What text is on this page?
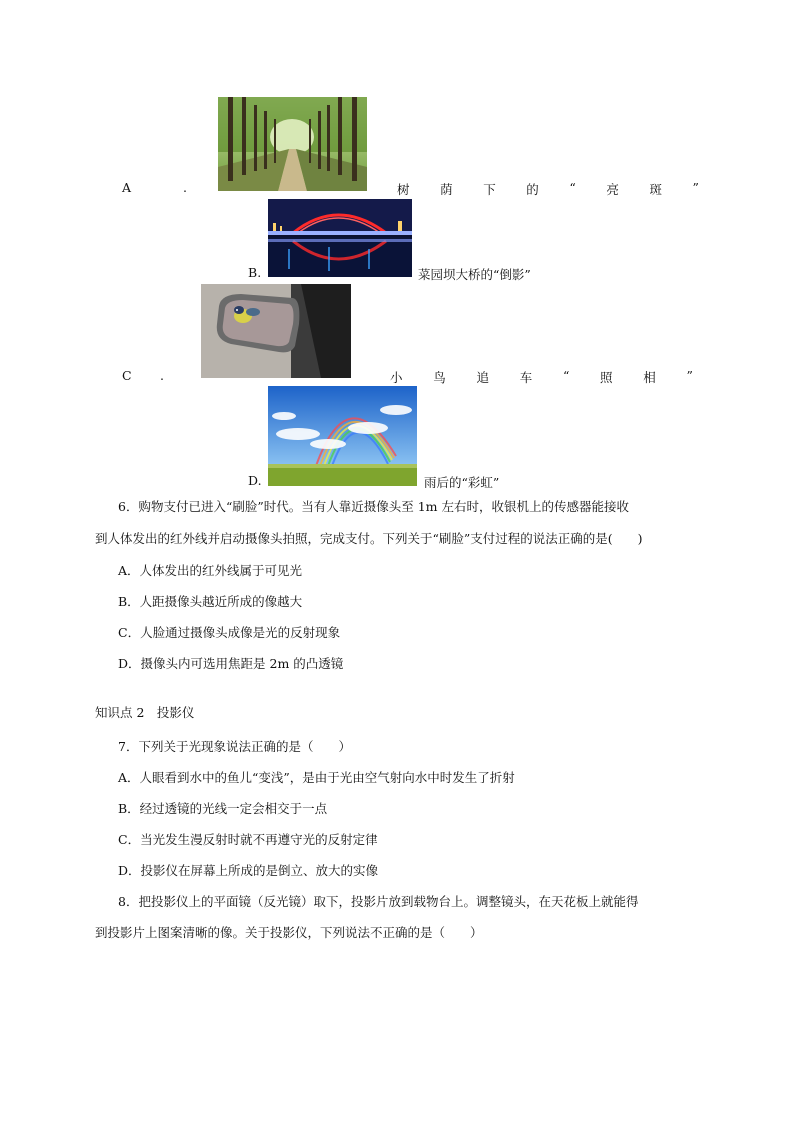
A	.	树 荫 下 的 “ 亮 斑 ”
B.	菜园坝大桥的“倒影”
C .	小 鸟 追 车 “ 照 相 ”
D.	雨后的“彩虹”
6．购物支付已进入“刷脸”时代。当有人靠近摄像头至 1m 左右时，收银机上的传感器能接收
到人体发出的红外线并启动摄像头拍照，完成支付。下列关于“刷脸”支付过程的说法正确的是(　　)
A．人体发出的红外线属于可见光
B．人距摄像头越近所成的像越大
C．人脸通过摄像头成像是光的反射现象
D．摄像头内可选用焦距是 2m 的凸透镜
知识点 2　投影仪
7．下列关于光现象说法正确的是（　　）
A．人眼看到水中的鱼儿“变浅”，是由于光由空气射向水中时发生了折射
B．经过透镜的光线一定会相交于一点
C．当光发生漫反射时就不再遵守光的反射定律
D．投影仪在屏幕上所成的是倒立、放大的实像
8．把投影仪上的平面镜（反光镜）取下，投影片放到载物台上。调整镜头，在天花板上就能得
到投影片上图案清晰的像。关于投影仪，下列说法不正确的是（　　）
